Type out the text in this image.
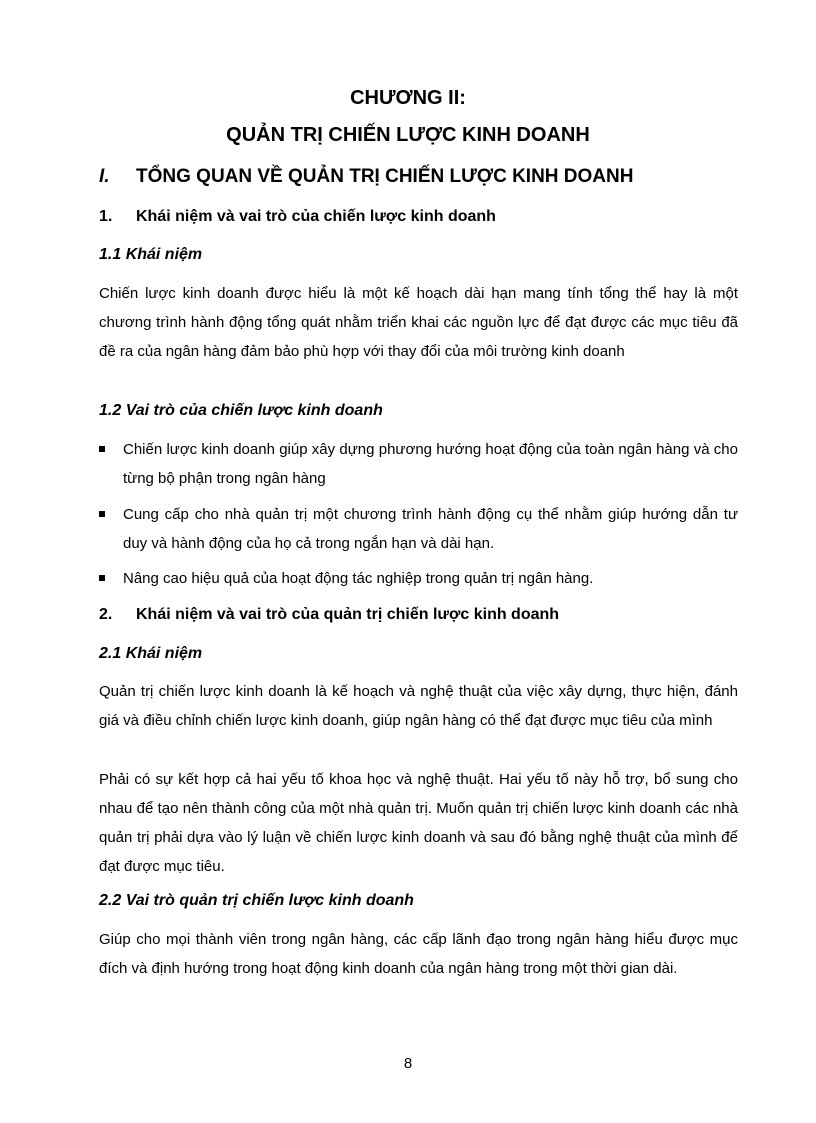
CHƯƠNG II:

QUẢN TRỊ CHIẾN LƯỢC KINH DOANH

I. TỔNG QUAN VỀ QUẢN TRỊ CHIẾN LƯỢC KINH DOANH

1. Khái niệm và vai trò của chiến lược kinh doanh

1.1 Khái niệm

Chiến lược kinh doanh được hiểu là một kế hoạch dài hạn mang tính tổng thể hay là một chương trình hành động tổng quát nhằm triển khai các nguồn lực để đạt được các mục tiêu đã đề ra của ngân hàng đảm bảo phù hợp với thay đổi của môi trường kinh doanh

1.2 Vai trò của chiến lược kinh doanh

Chiến lược kinh doanh giúp xây dựng phương hướng hoạt động của toàn ngân hàng và cho từng bộ phận trong ngân hàng
Cung cấp cho nhà quản trị một chương trình hành động cụ thể nhằm giúp hướng dẫn tư duy và hành động của họ cả trong ngắn hạn và dài hạn.
Nâng cao hiệu quả của hoạt động tác nghiệp trong quản trị ngân hàng.

2. Khái niệm và vai trò của quản trị chiến lược kinh doanh

2.1 Khái niệm

Quản trị chiến lược kinh doanh là kế hoạch và nghệ thuật của việc xây dựng, thực hiện, đánh giá và điều chỉnh chiến lược kinh doanh, giúp ngân hàng có thể đạt được mục tiêu của mình

Phải có sự kết hợp cả hai yếu tố khoa học và nghệ thuật. Hai yếu tố này hỗ trợ, bổ sung cho nhau để tạo nên thành công của một nhà quản trị. Muốn quản trị chiến lược kinh doanh các nhà quản trị phải dựa vào lý luận về chiến lược kinh doanh và sau đó bằng nghệ thuật của mình để đạt được mục tiêu.

2.2 Vai trò quản trị chiến lược kinh doanh

Giúp cho mọi thành viên trong ngân hàng, các cấp lãnh đạo trong ngân hàng hiểu được mục đích và định hướng trong hoạt động kinh doanh của ngân hàng trong một thời gian dài.

8
